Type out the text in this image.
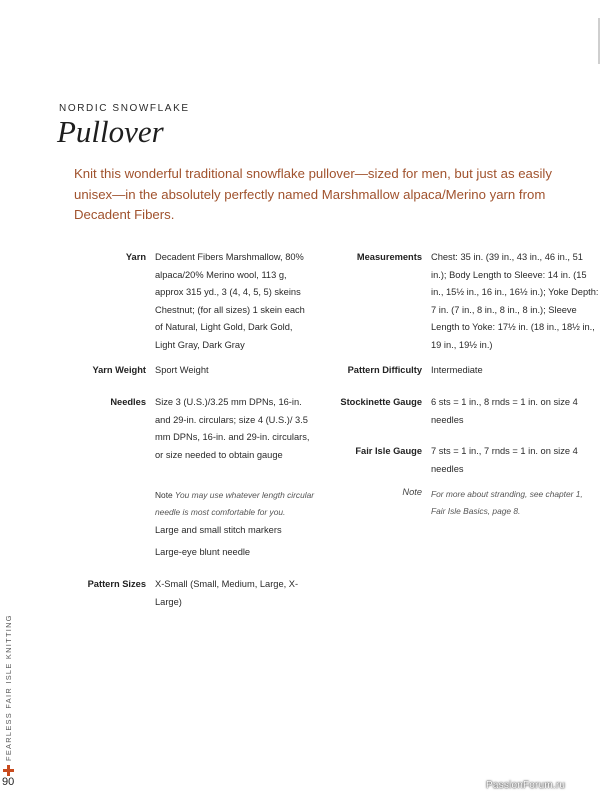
NORDIC SNOWFLAKE
Pullover

Knit this wonderful traditional snowflake pullover—sized for men, but just as easily unisex—in the absolutely perfectly named Marshmallow alpaca/Merino yarn from Decadent Fibers.

Yarn Decadent Fibers Marshmallow, 80% alpaca/20% Merino wool, 113 g, approx 315 yd., 3 (4, 4, 5, 5) skeins Chestnut; (for all sizes) 1 skein each of Natural, Light Gold, Dark Gold, Light Gray, Dark Gray
Yarn Weight Sport Weight
Needles Size 3 (U.S.)/3.25 mm DPNs, 16-in. and 29-in. circulars; size 4 (U.S.)/ 3.5 mm DPNs, 16-in. and 29-in. circulars, or size needed to obtain gauge
Note You may use whatever length circular needle is most comfortable for you.
Large and small stitch markers
Large-eye blunt needle
Pattern Sizes X-Small (Small, Medium, Large, X-Large)
Measurements Chest: 35 in. (39 in., 43 in., 46 in., 51 in.); Body Length to Sleeve: 14 in. (15 in., 15½ in., 16 in., 16½ in.); Yoke Depth: 7 in. (7 in., 8 in., 8 in., 8 in.); Sleeve Length to Yoke: 17½ in. (18 in., 18½ in., 19 in., 19½ in.)
Pattern Difficulty Intermediate
Stockinette Gauge 6 sts = 1 in., 8 rnds = 1 in. on size 4 needles
Fair Isle Gauge 7 sts = 1 in., 7 rnds = 1 in. on size 4 needles
Note For more about stranding, see chapter 1, Fair Isle Basics, page 8.
FEARLESS FAIR ISLE KNITTING
90	PassionForum.ru
